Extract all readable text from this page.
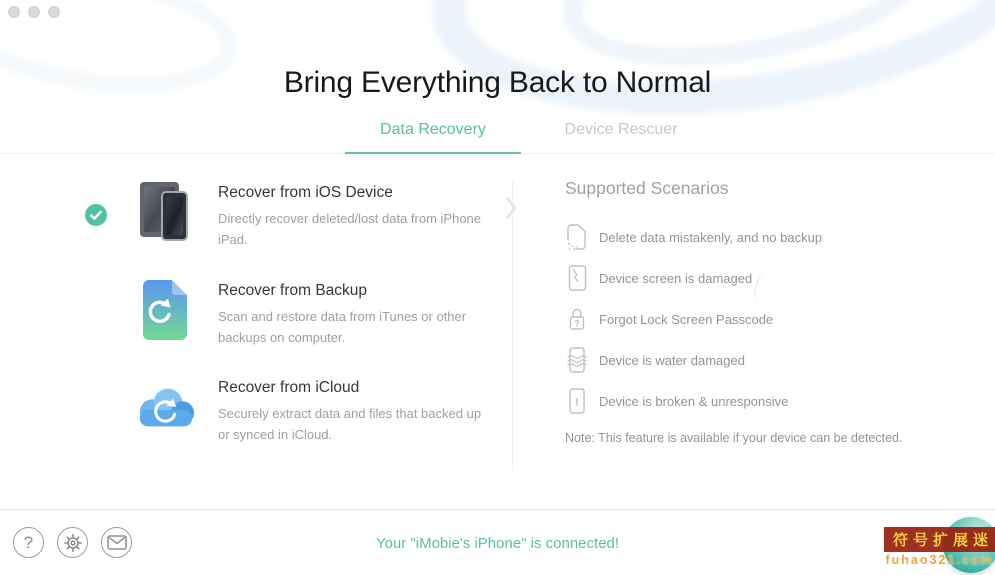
Bring Everything Back to Normal
Data Recovery	Device Rescuer
Recover from iOS Device
Directly recover deleted/lost data from iPhone iPad.
Recover from Backup
Scan and restore data from iTunes or other backups on computer.
Recover from iCloud
Securely extract data and files that backed up or synced in iCloud.
Supported Scenarios
Delete data mistakenly, and no backup
Device screen is damaged
? Forgot Lock Screen Passcode
Device is water damaged
! Device is broken & unresponsive
Note: This feature is available if your device can be detected.
?	Your "iMobie's iPhone" is connected!	符号扩展迷
fuhao321.com
